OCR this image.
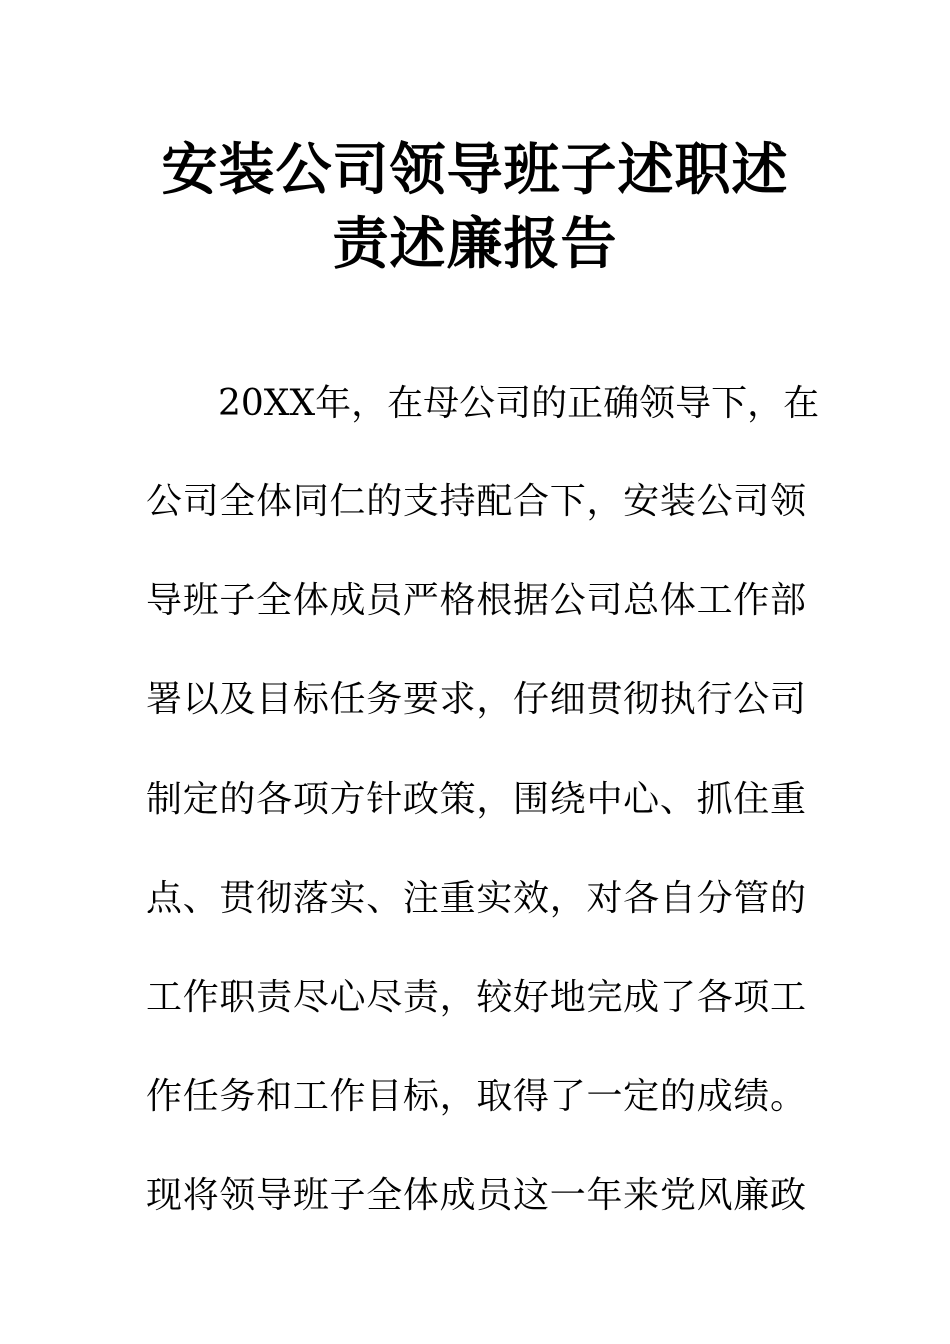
安装公司领导班子述职述
责述廉报告
20XX年，在母公司的正确领导下，在
公司全体同仁的支持配合下，安装公司领
导班子全体成员严格根据公司总体工作部
署以及目标任务要求，仔细贯彻执行公司
制定的各项方针政策，围绕中心、抓住重
点、贯彻落实、注重实效，对各自分管的
工作职责尽心尽责，较好地完成了各项工
作任务和工作目标，取得了一定的成绩。
现将领导班子全体成员这一年来党风廉政
